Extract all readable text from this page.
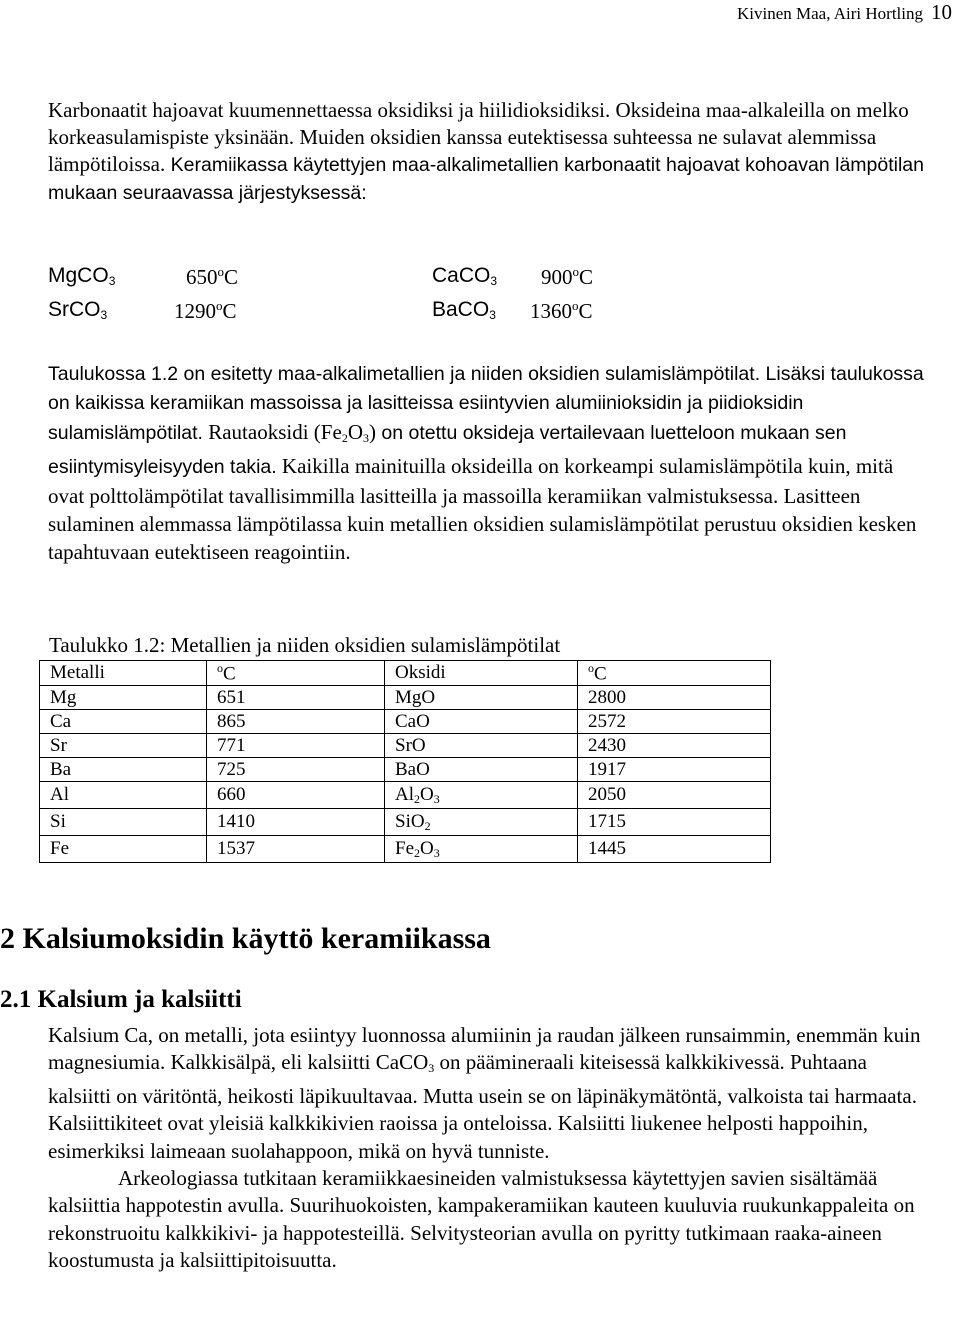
Kivinen Maa, Airi Hortling 10

Karbonaatit hajoavat kuumennettaessa oksidiksi ja hiilidioksidiksi. Oksideina maa-alkaleilla on melko korkeasulamispiste yksinään. Muiden oksidien kanssa eutektisessa suhteessa ne sulavat alemmissa lämpötiloissa. Keramiikassa käytettyjen maa-alkalimetallien karbonaatit hajoavat kohoavan lämpötilan mukaan seuraavassa järjestyksessä:

MgCO$_3$	650$^o$C	CaCO$_3$ 900$^o$C
SrCO$_3$	1290$^o$C	BaCO$_3$ 1360$^o$C

Taulukossa 1.2 on esitetty maa-alkalimetallien ja niiden oksidien sulamislämpötilat. Lisäksi taulukossa on kaikissa keramiikan massoissa ja lasitteissa esiintyvien alumiinioksidin ja piidioksidin sulamislämpötilat. Rautaoksidi $(Fe_2O_3)$ on otettu oksideja vertailevaan luetteloon mukaan sen esiintymisyleisyyden takia. Kaikilla mainituilla oksideilla on korkeampi sulamislämpötila kuin, mitä ovat polttolämpötilat tavallisimmilla lasitteilla ja massoilla keramiikan valmistuksessa. Lasitteen sulaminen alemmassa lämpötilassa kuin metallien oksidien sulamislämpötilat perustuu oksidien kesken tapahtuvaan eutektiseen reagointiin.

Taulukko 1.2: Metallien ja niiden oksidien sulamislämpötilat
Metalli	$^o$C	Oksidi	$^o$C
Mg	651	MgO	2800
Ca	865	CaO	2572
Sr	771	SrO	2430
Ba	725	BaO	1917
Al	660	$Al_2O_3$	2050
Si	1410	SiO$_2$	1715
Fe	1537	$Fe_2O_3$	1445
2 Kalsiumoksidin käyttö keramiikassa
2.1 Kalsium ja kalsiitti
Kalsium Ca, on metalli, jota esiintyy luonnossa alumiinin ja raudan jälkeen runsaimmin, enemmän kuin magnesiumia. Kalkkisälpä, eli kalsiitti CaCO$_3$ on päämineraali kiteisessä kalkkikivessä. Puhtaana kalsiitti on väritöntä, heikosti läpikuultavaa. Mutta usein se on läpinäkymätöntä, valkoista tai harmaata. Kalsiittikiteet ovat yleisiä kalkkikivien raoissa ja onteloissa. Kalsiitti liukenee helposti happoihin, esimerkiksi laimeaan suolahappoon, mikä on hyvä tunniste.
Arkeologiassa tutkitaan keramiikkaesineiden valmistuksessa käytettyjen savien sisältämää kalsiittia happotestin avulla. Suurihuokoisten, kampakeramiikan kauteen kuuluvia ruukunkappaleita on rekonstruoitu kalkkikivi- ja happotesteillä. Selvitysteorian avulla on pyritty tutkimaan raaka-aineen koostumusta ja kalsiittipitoisuutta.
